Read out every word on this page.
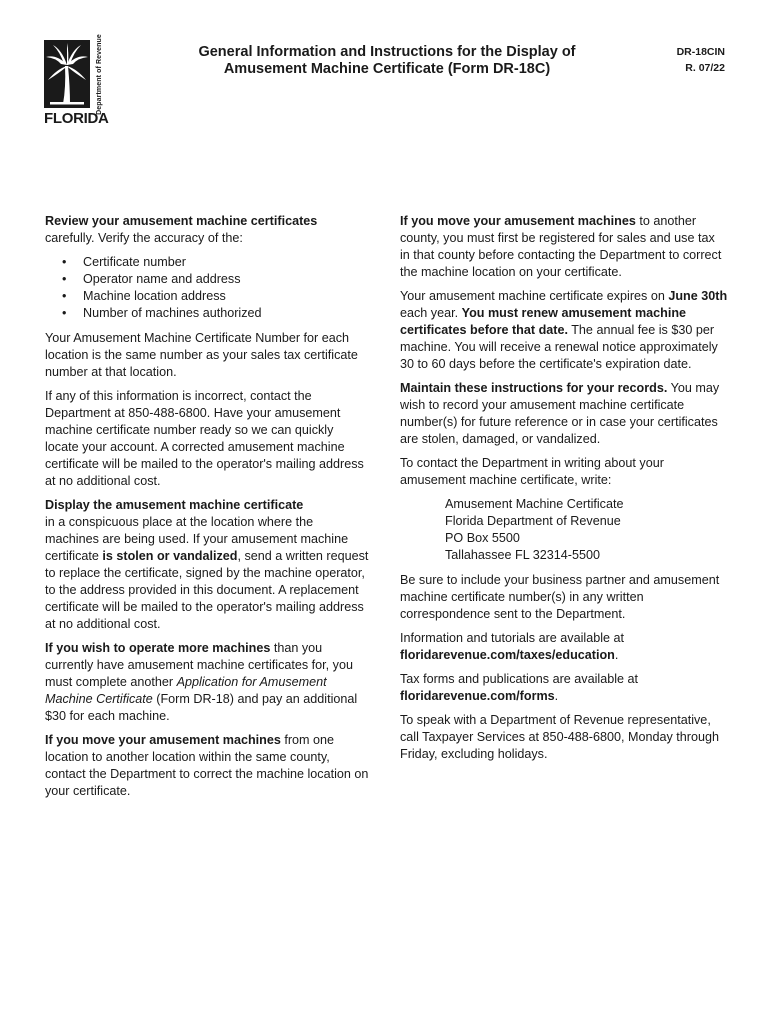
Department of Revenue
FLORIDA
General Information and Instructions for the Display of
Amusement Machine Certificate (Form DR-18C)
DR-18CIN
R. 07/22

Review your amusement machine certificates
carefully. Verify the accuracy of the:

• Certificate number
• Operator name and address
• Machine location address
• Number of machines authorized

Your Amusement Machine Certificate Number for each location is the same number as your sales tax certificate number at that location.

If any of this information is incorrect, contact the Department at 850-488-6800. Have your amusement machine certificate number ready so we can quickly locate your account. A corrected amusement machine certificate will be mailed to the operator's mailing address at no additional cost.

Display the amusement machine certificate
in a conspicuous place at the location where the machines are being used. If your amusement machine certificate is stolen or vandalized, send a written request to replace the certificate, signed by the machine operator, to the address provided in this document. A replacement certificate will be mailed to the operator's mailing address at no additional cost.

If you wish to operate more machines than you currently have amusement machine certificates for, you must complete another Application for Amusement Machine Certificate (Form DR-18) and pay an additional $30 for each machine.

If you move your amusement machines from one location to another location within the same county, contact the Department to correct the machine location on your certificate.

If you move your amusement machines to another county, you must first be registered for sales and use tax in that county before contacting the Department to correct the machine location on your certificate.

Your amusement machine certificate expires on June 30th each year. You must renew amusement machine certificates before that date. The annual fee is $30 per machine. You will receive a renewal notice approximately 30 to 60 days before the certificate's expiration date.

Maintain these instructions for your records. You may wish to record your amusement machine certificate number(s) for future reference or in case your certificates are stolen, damaged, or vandalized.

To contact the Department in writing about your amusement machine certificate, write:

Amusement Machine Certificate
Florida Department of Revenue
PO Box 5500
Tallahassee FL 32314-5500

Be sure to include your business partner and amusement machine certificate number(s) in any written correspondence sent to the Department.

Information and tutorials are available at floridarevenue.com/taxes/education.

Tax forms and publications are available at floridarevenue.com/forms.

To speak with a Department of Revenue representative, call Taxpayer Services at 850-488-6800, Monday through Friday, excluding holidays.
